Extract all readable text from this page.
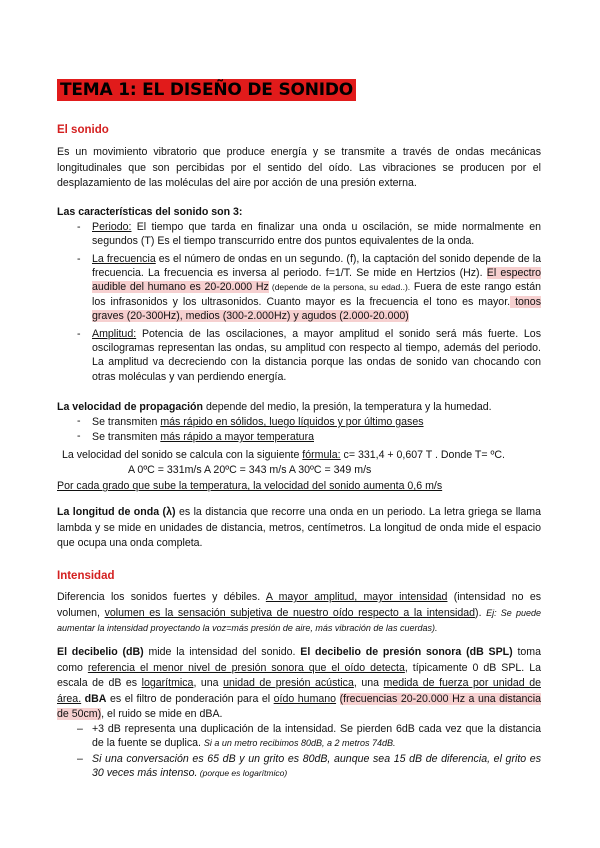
TEMA 1: EL DISEÑO DE SONIDO
El sonido
Es un movimiento vibratorio que produce energía y se transmite a través de ondas mecánicas longitudinales que son percibidas por el sentido del oído. Las vibraciones se producen por el desplazamiento de las moléculas del aire por acción de una presión externa.
Las características del sonido son 3:
- Periodo: El tiempo que tarda en finalizar una onda u oscilación, se mide normalmente en segundos (T) Es el tiempo transcurrido entre dos puntos equivalentes de la onda.
- La frecuencia es el número de ondas en un segundo. (f), la captación del sonido depende de la frecuencia. La frecuencia es inversa al periodo. f=1/T. Se mide en Hertzios (Hz). El espectro audible del humano es 20-20.000 Hz (depende de la persona, su edad..). Fuera de este rango están los infrasonidos y los ultrasonidos. Cuanto mayor es la frecuencia el tono es mayor. tonos graves (20-300Hz), medios (300-2.000Hz) y agudos (2.000-20.000)
- Amplitud: Potencia de las oscilaciones, a mayor amplitud el sonido será más fuerte. Los oscilogramas representan las ondas, su amplitud con respecto al tiempo, además del periodo. La amplitud va decreciendo con la distancia porque las ondas de sonido van chocando con otras moléculas y van perdiendo energía.
La velocidad de propagación depende del medio, la presión, la temperatura y la humedad.
- Se transmiten más rápido en sólidos, luego líquidos y por último gases
- Se transmiten más rápido a mayor temperatura
La velocidad del sonido se calcula con la siguiente fórmula: c= 331,4 + 0,607 T . Donde T= ºC.
A 0ºC = 331m/s A 20ºC = 343 m/s A 30ºC = 349 m/s
Por cada grado que sube la temperatura, la velocidad del sonido aumenta 0,6 m/s
La longitud de onda (λ) es la distancia que recorre una onda en un periodo. La letra griega se llama lambda y se mide en unidades de distancia, metros, centímetros. La longitud de onda mide el espacio que ocupa una onda completa.
Intensidad
Diferencia los sonidos fuertes y débiles. A mayor amplitud, mayor intensidad (intensidad no es volumen, volumen es la sensación subjetiva de nuestro oído respecto a la intensidad). Ej: Se puede aumentar la intensidad proyectando la voz=más presión de aire, más vibración de las cuerdas).
El decibelio (dB) mide la intensidad del sonido. El decibelio de presión sonora (dB SPL) toma como referencia el menor nivel de presión sonora que el oído detecta, típicamente 0 dB SPL. La escala de dB es logarítmica, una unidad de presión acústica, una medida de fuerza por unidad de área. dBA es el filtro de ponderación para el oído humano (frecuencias 20-20.000 Hz a una distancia de 50cm), el ruido se mide en dBA.
– +3 dB representa una duplicación de la intensidad. Se pierden 6dB cada vez que la distancia de la fuente se duplica. Si a un metro recibimos 80dB, a 2 metros 74dB.
– Si una conversación es 65 dB y un grito es 80dB, aunque sea 15 dB de diferencia, el grito es 30 veces más intenso. (porque es logarítmico)
